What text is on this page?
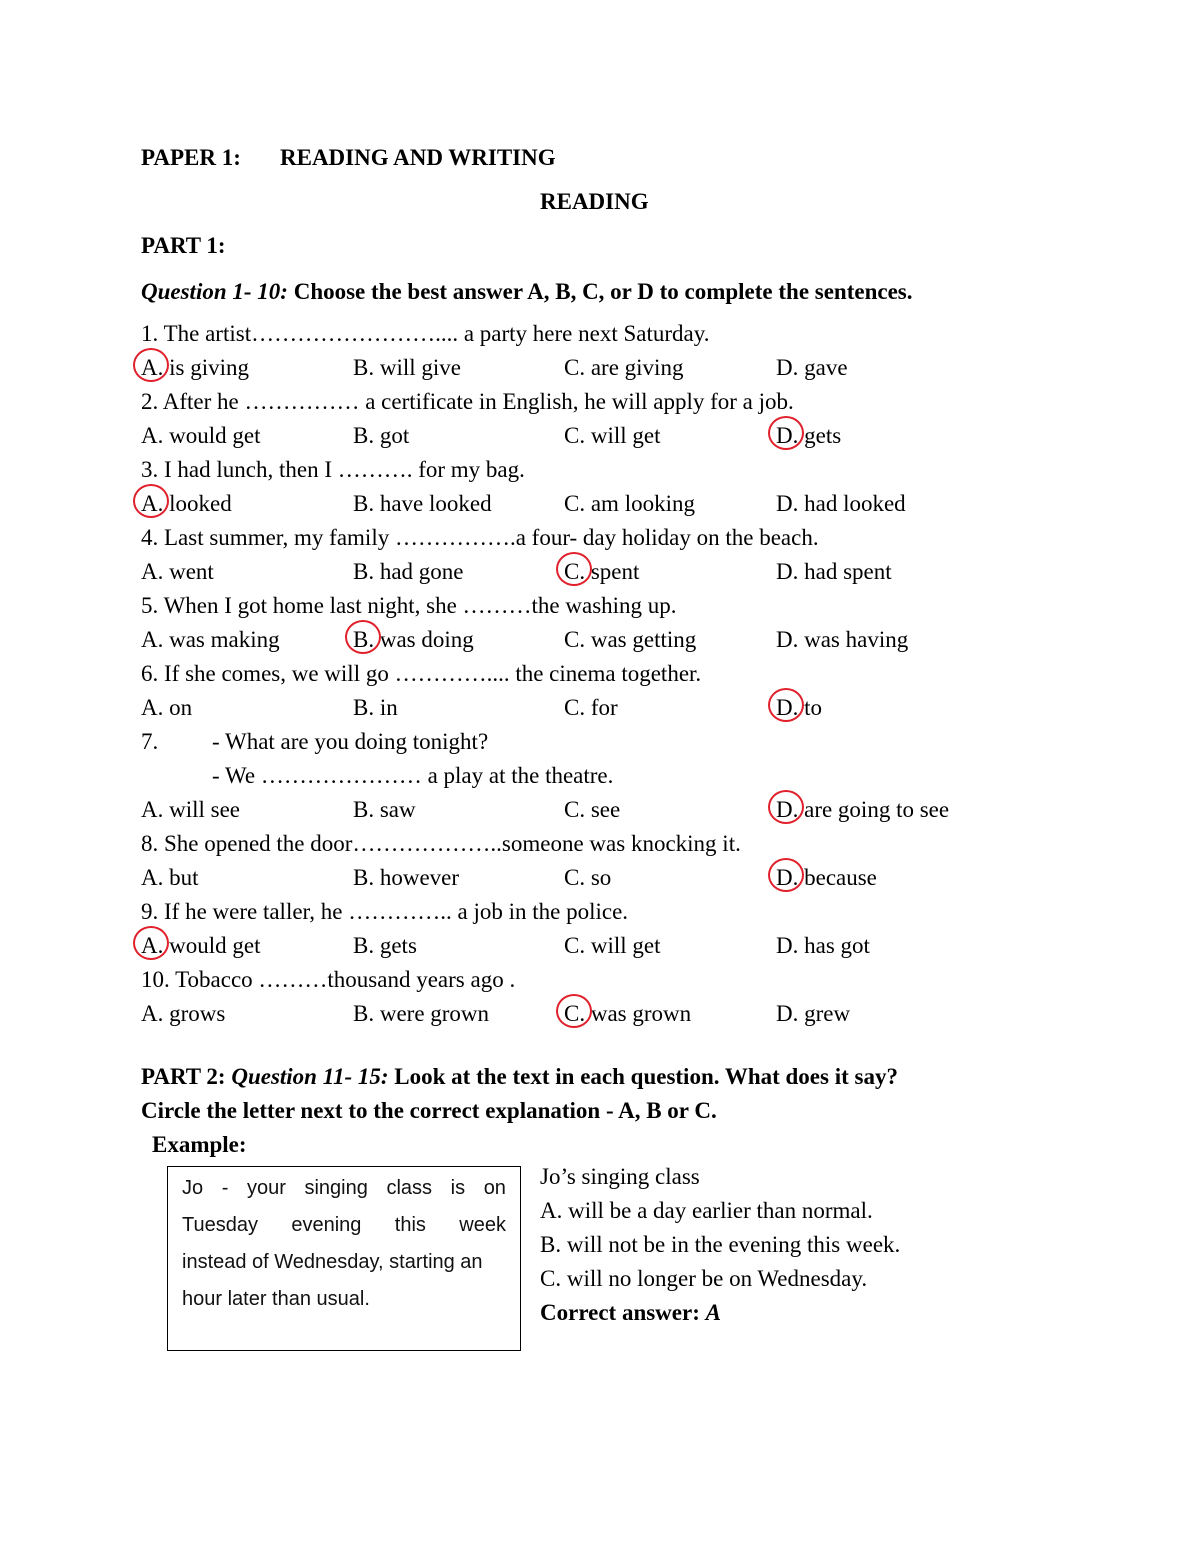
PAPER 1: READING AND WRITING
READING
PART 1:
Question 1- 10: Choose the best answer A, B, C, or D to complete the sentences.
1. The artist…………………….... a party here next Saturday.
A. is giving	B. will give	C. are giving	D. gave
2. After he …………… a certificate in English, he will apply for a job.
A. would get	B. got	C. will get	D. gets
3. I had lunch, then I ………. for my bag.
A. looked	B. have looked	C. am looking	D. had looked
4. Last summer, my family …………….a four- day holiday on the beach.
A. went	B. had gone	C. spent	D. had spent
5. When I got home last night, she ………the washing up.
A. was making	B. was doing	C. was getting	D. was having
6. If she comes, we will go ………….... the cinema together.
A. on	B. in	C. for	D. to
7. - What are you doing tonight?
- We ………………… a play at the theatre.
A. will see	B. saw	C. see	D. are going to see
8. She opened the door………………..someone was knocking it.
A. but	B. however	C. so	D. because
9. If he were taller, he ………….. a job in the police.
A. would get	B. gets	C. will get	D. has got
10. Tobacco ………thousand years ago .
A. grows	B. were grown	C. was grown	D. grew
PART 2: Question 11- 15: Look at the text in each question. What does it say?
Circle the letter next to the correct explanation - A, B or C.
Example:
Jo - your singing class is on
Tuesday evening this week
instead of Wednesday, starting an
hour later than usual.
Jo’s singing class
A. will be a day earlier than normal.
B. will not be in the evening this week.
C. will no longer be on Wednesday.
Correct answer: A
